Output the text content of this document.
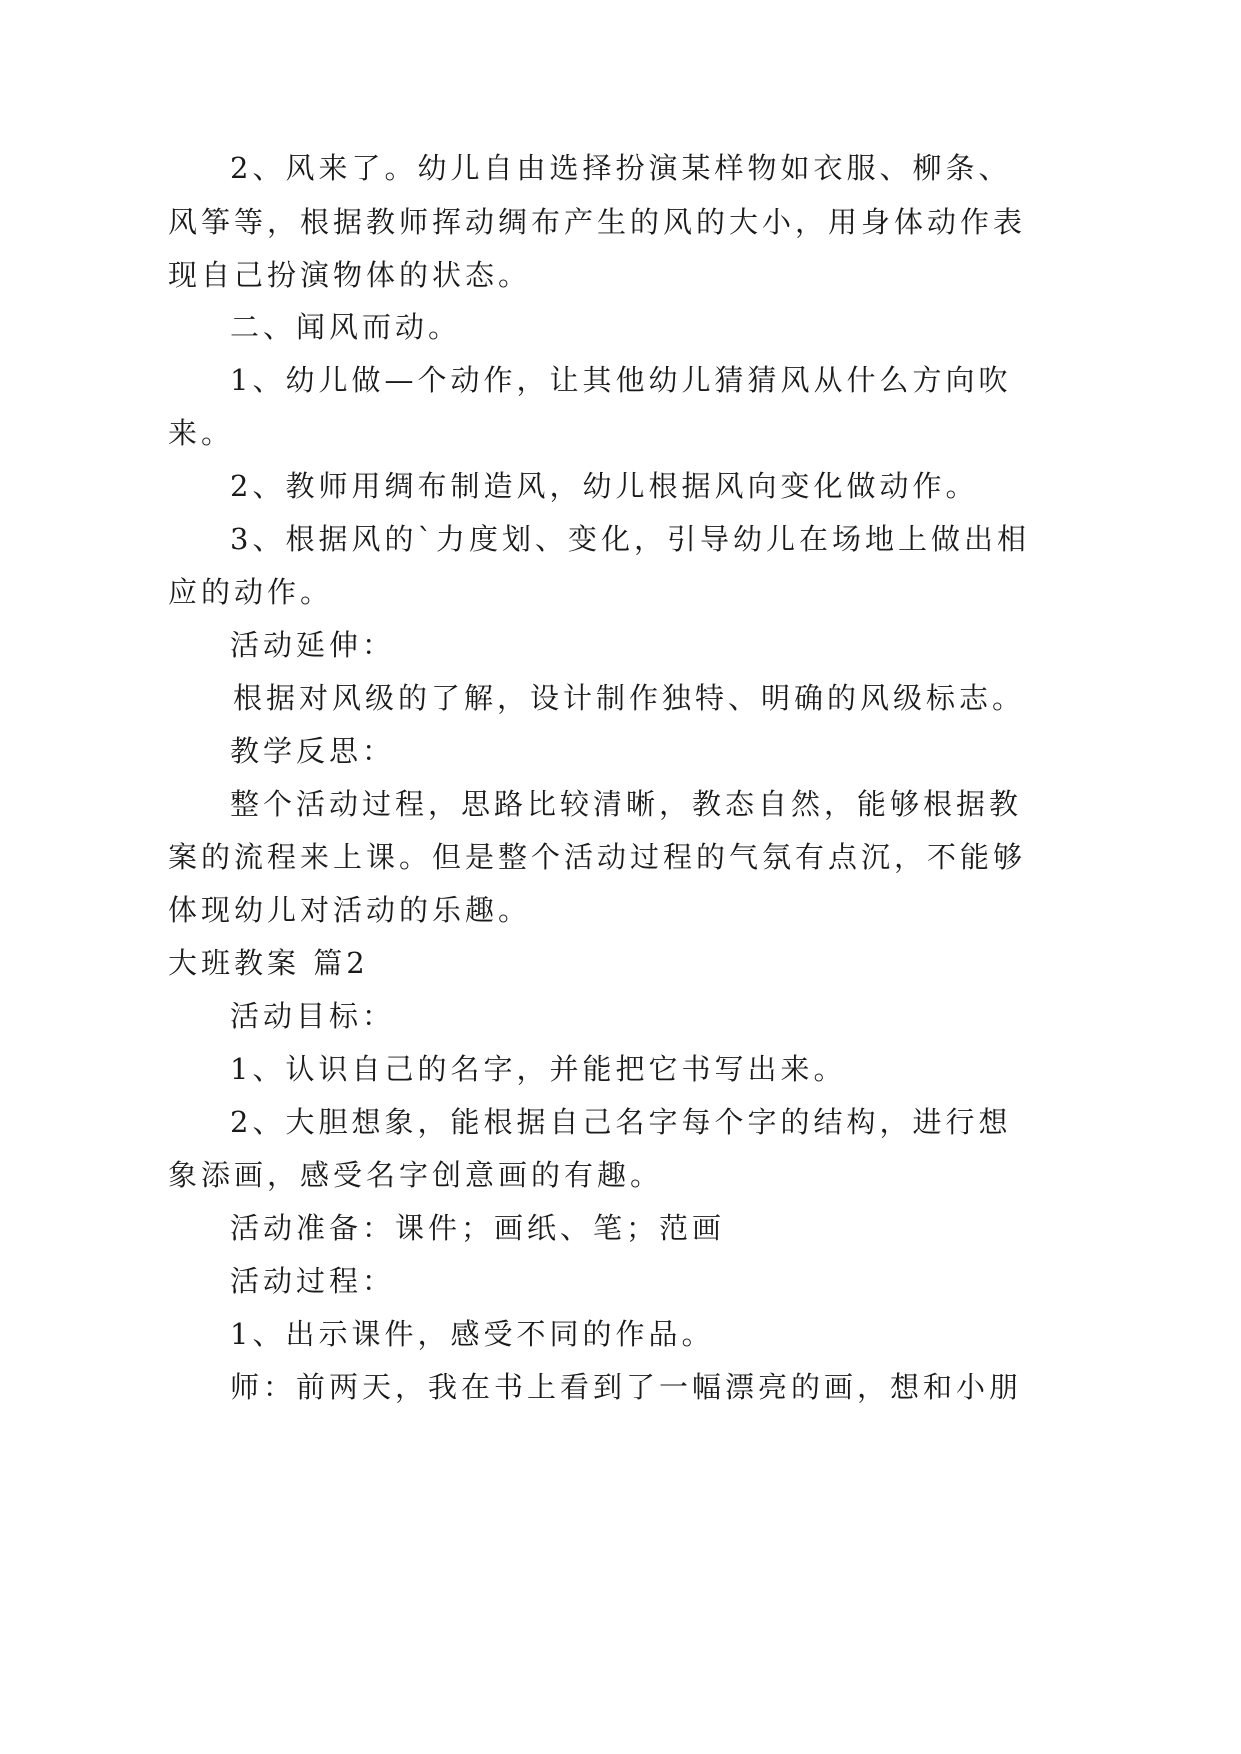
2、风来了。幼儿自由选择扮演某样物如衣服、柳条、
风筝等，根据教师挥动绸布产生的风的大小，用身体动作表
现自己扮演物体的状态。
二、闻风而动。
1、幼儿做—个动作，让其他幼儿猜猜风从什么方向吹
来。
2、教师用绸布制造风，幼儿根据风向变化做动作。
3、根据风的`力度划、变化，引导幼儿在场地上做出相
应的动作。
活动延伸：
根据对风级的了解，设计制作独特、明确的风级标志。
教学反思：
整个活动过程，思路比较清晰，教态自然，能够根据教
案的流程来上课。但是整个活动过程的气氛有点沉，不能够
体现幼儿对活动的乐趣。
大班教案 篇2
活动目标：
1、认识自己的名字，并能把它书写出来。
2、大胆想象，能根据自己名字每个字的结构，进行想
象添画，感受名字创意画的有趣。
活动准备：课件；画纸、笔；范画
活动过程：
1、出示课件，感受不同的作品。
师：前两天，我在书上看到了一幅漂亮的画，想和小朋
